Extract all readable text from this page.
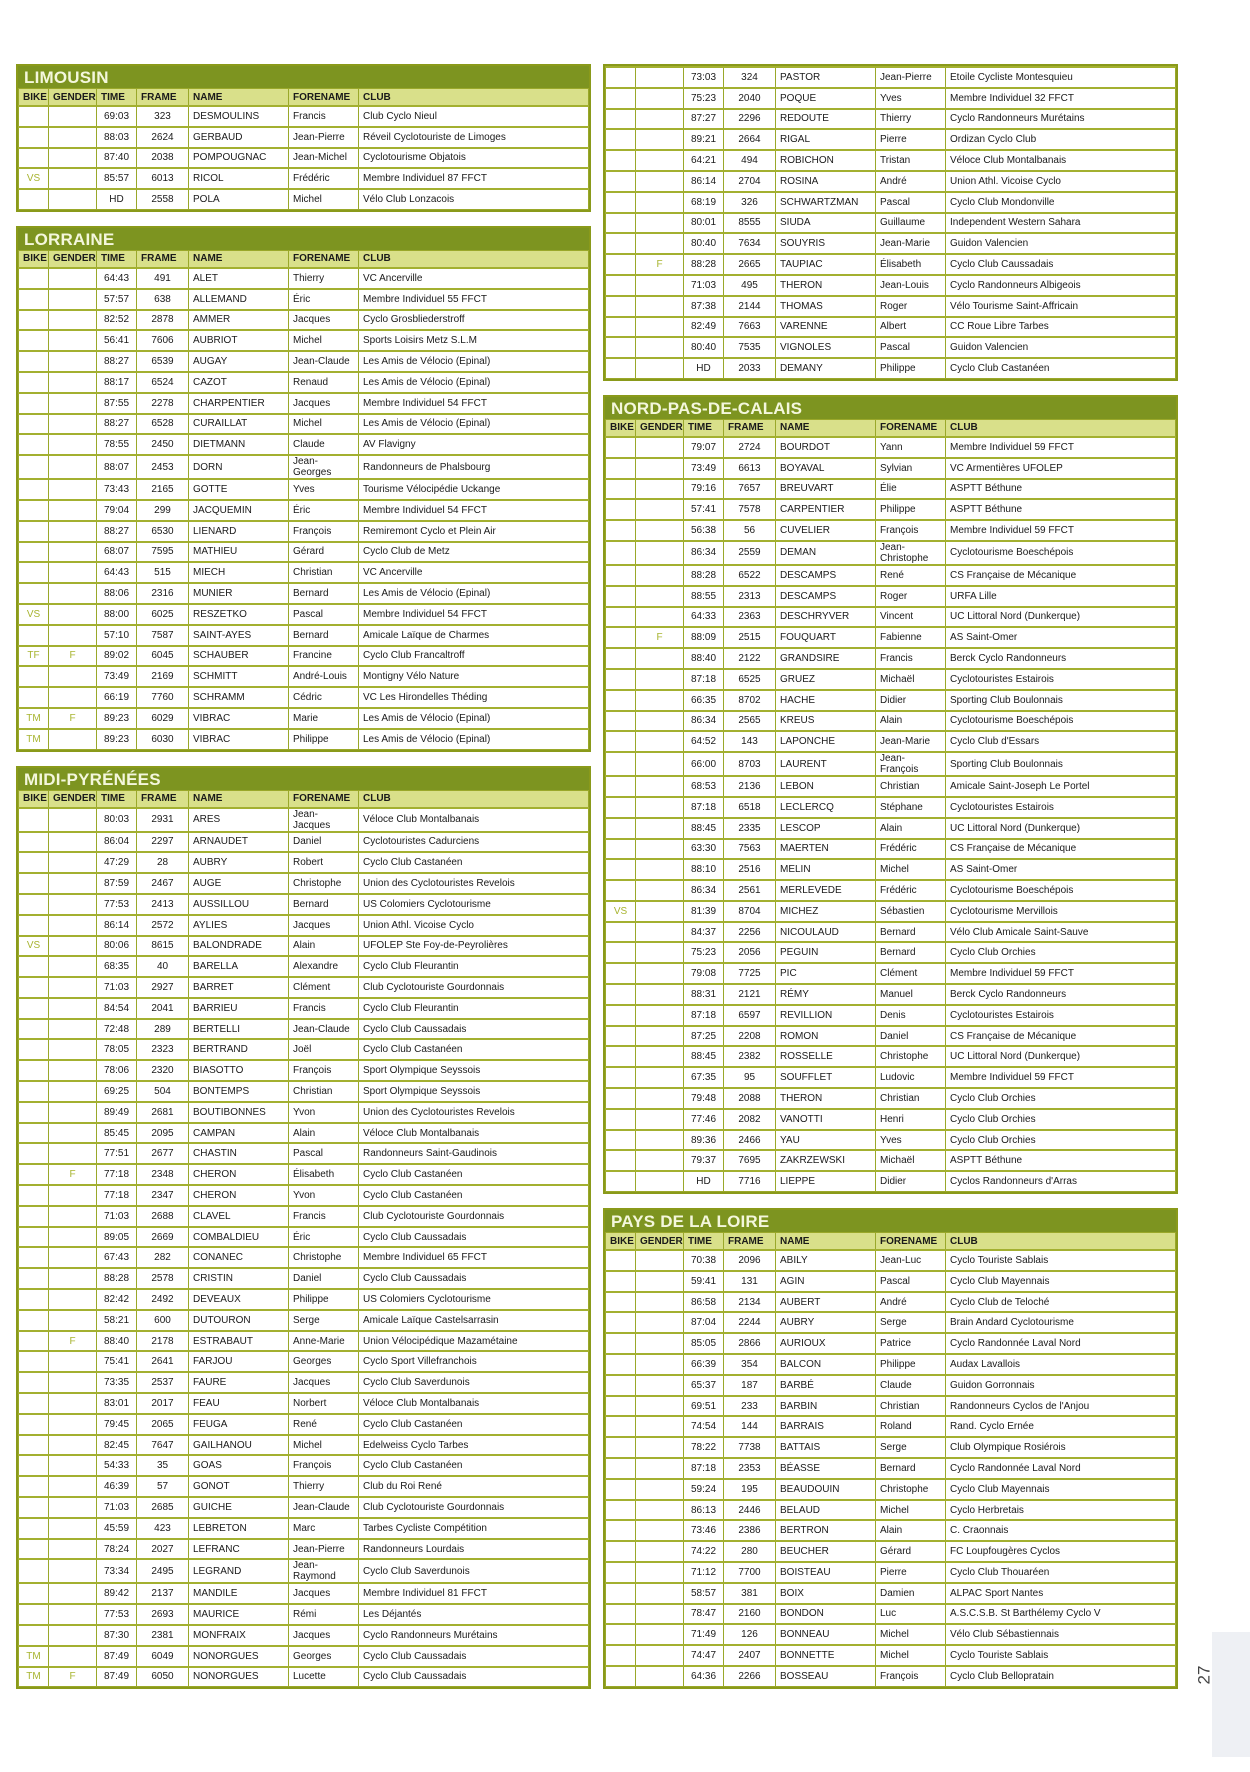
LIMOUSIN
BIKE	GENDER	TIME	FRAME	NAME	FORENAME	CLUB
		69:03	323	DESMOULINS	Francis	Club Cyclo Nieul
		88:03	2624	GERBAUD	Jean-Pierre	Réveil Cyclotouriste de Limoges
		87:40	2038	POMPOUGNAC	Jean-Michel	Cyclotourisme Objatois
VS		85:57	6013	RICOL	Frédéric	Membre Individuel 87 FFCT
		HD	2558	POLA	Michel	Vélo Club Lonzacois
LORRAINE
BIKE	GENDER	TIME	FRAME	NAME	FORENAME	CLUB
		64:43	491	ALET	Thierry	VC Ancerville
		57:57	638	ALLEMAND	Éric	Membre Individuel 55 FFCT
		82:52	2878	AMMER	Jacques	Cyclo Grosbliederstroff
		56:41	7606	AUBRIOT	Michel	Sports Loisirs Metz S.L.M
		88:27	6539	AUGAY	Jean-Claude	Les Amis de Vélocio (Epinal)
		88:17	6524	CAZOT	Renaud	Les Amis de Vélocio (Epinal)
		87:55	2278	CHARPENTIER	Jacques	Membre Individuel 54 FFCT
		88:27	6528	CURAILLAT	Michel	Les Amis de Vélocio (Epinal)
		78:55	2450	DIETMANN	Claude	AV Flavigny
		88:07	2453	DORN	Jean-Georges	Randonneurs de Phalsbourg
		73:43	2165	GOTTE	Yves	Tourisme Vélocipédie Uckange
		79:04	299	JACQUEMIN	Éric	Membre Individuel 54 FFCT
		88:27	6530	LIENARD	François	Remiremont Cyclo et Plein Air
		68:07	7595	MATHIEU	Gérard	Cyclo Club de Metz
		64:43	515	MIECH	Christian	VC Ancerville
		88:06	2316	MUNIER	Bernard	Les Amis de Vélocio (Epinal)
VS		88:00	6025	RESZETKO	Pascal	Membre Individuel 54 FFCT
		57:10	7587	SAINT-AYES	Bernard	Amicale Laïque de Charmes
TF	F	89:02	6045	SCHAUBER	Francine	Cyclo Club Francaltroff
		73:49	2169	SCHMITT	André-Louis	Montigny Vélo Nature
		66:19	7760	SCHRAMM	Cédric	VC Les Hirondelles Théding
TM	F	89:23	6029	VIBRAC	Marie	Les Amis de Vélocio (Epinal)
TM		89:23	6030	VIBRAC	Philippe	Les Amis de Vélocio (Epinal)
MIDI-PYRÉNÉES
BIKE	GENDER	TIME	FRAME	NAME	FORENAME	CLUB
		80:03	2931	ARES	Jean-Jacques	Véloce Club Montalbanais
		86:04	2297	ARNAUDET	Daniel	Cyclotouristes Cadurciens
		47:29	28	AUBRY	Robert	Cyclo Club Castanéen
		87:59	2467	AUGE	Christophe	Union des Cyclotouristes Revelois
		77:53	2413	AUSSILLOU	Bernard	US Colomiers Cyclotourisme
		86:14	2572	AYLIES	Jacques	Union Athl. Vicoise Cyclo
VS		80:06	8615	BALONDRADE	Alain	UFOLEP Ste Foy-de-Peyrolières
		68:35	40	BARELLA	Alexandre	Cyclo Club Fleurantin
		71:03	2927	BARRET	Clément	Club Cyclotouriste Gourdonnais
		84:54	2041	BARRIEU	Francis	Cyclo Club Fleurantin
		72:48	289	BERTELLI	Jean-Claude	Cyclo Club Caussadais
		78:05	2323	BERTRAND	Joël	Cyclo Club Castanéen
		78:06	2320	BIASOTTO	François	Sport Olympique Seyssois
		69:25	504	BONTEMPS	Christian	Sport Olympique Seyssois
		89:49	2681	BOUTIBONNES	Yvon	Union des Cyclotouristes Revelois
		85:45	2095	CAMPAN	Alain	Véloce Club Montalbanais
		77:51	2677	CHASTIN	Pascal	Randonneurs Saint-Gaudinois
	F	77:18	2348	CHERON	Élisabeth	Cyclo Club Castanéen
		77:18	2347	CHERON	Yvon	Cyclo Club Castanéen
		71:03	2688	CLAVEL	Francis	Club Cyclotouriste Gourdonnais
		89:05	2669	COMBALDIEU	Éric	Cyclo Club Caussadais
		67:43	282	CONANEC	Christophe	Membre Individuel 65 FFCT
		88:28	2578	CRISTIN	Daniel	Cyclo Club Caussadais
		82:42	2492	DEVEAUX	Philippe	US Colomiers Cyclotourisme
		58:21	600	DUTOURON	Serge	Amicale Laïque Castelsarrasin
	F	88:40	2178	ESTRABAUT	Anne-Marie	Union Vélocipédique Mazamétaine
		75:41	2641	FARJOU	Georges	Cyclo Sport Villefranchois
		73:35	2537	FAURE	Jacques	Cyclo Club Saverdunois
		83:01	2017	FEAU	Norbert	Véloce Club Montalbanais
		79:45	2065	FEUGA	René	Cyclo Club Castanéen
		82:45	7647	GAILHANOU	Michel	Edelweiss Cyclo Tarbes
		54:33	35	GOAS	François	Cyclo Club Castanéen
		46:39	57	GONOT	Thierry	Club du Roi René
		71:03	2685	GUICHE	Jean-Claude	Club Cyclotouriste Gourdonnais
		45:59	423	LEBRETON	Marc	Tarbes Cycliste Compétition
		78:24	2027	LEFRANC	Jean-Pierre	Randonneurs Lourdais
		73:34	2495	LEGRAND	Jean-Raymond	Cyclo Club Saverdunois
		89:42	2137	MANDILE	Jacques	Membre Individuel 81 FFCT
		77:53	2693	MAURICE	Rémi	Les Déjantés
		87:30	2381	MONFRAIX	Jacques	Cyclo Randonneurs Murétains
TM		87:49	6049	NONORGUES	Georges	Cyclo Club Caussadais
TM	F	87:49	6050	NONORGUES	Lucette	Cyclo Club Caussadais
		73:03	324	PASTOR	Jean-Pierre	Etoile Cycliste Montesquieu
		75:23	2040	POQUE	Yves	Membre Individuel 32 FFCT
		87:27	2296	REDOUTE	Thierry	Cyclo Randonneurs Murétains
		89:21	2664	RIGAL	Pierre	Ordizan Cyclo Club
		64:21	494	ROBICHON	Tristan	Véloce Club Montalbanais
		86:14	2704	ROSINA	André	Union Athl. Vicoise Cyclo
		68:19	326	SCHWARTZMAN	Pascal	Cyclo Club Mondonville
		80:01	8555	SIUDA	Guillaume	Independent Western Sahara
		80:40	7634	SOUYRIS	Jean-Marie	Guidon Valencien
	F	88:28	2665	TAUPIAC	Élisabeth	Cyclo Club Caussadais
		71:03	495	THERON	Jean-Louis	Cyclo Randonneurs Albigeois
		87:38	2144	THOMAS	Roger	Vélo Tourisme Saint-Affricain
		82:49	7663	VARENNE	Albert	CC Roue Libre Tarbes
		80:40	7535	VIGNOLES	Pascal	Guidon Valencien
		HD	2033	DEMANY	Philippe	Cyclo Club Castanéen
NORD-PAS-DE-CALAIS
BIKE	GENDER	TIME	FRAME	NAME	FORENAME	CLUB
		79:07	2724	BOURDOT	Yann	Membre Individuel 59 FFCT
		73:49	6613	BOYAVAL	Sylvian	VC Armentières UFOLEP
		79:16	7657	BREUVART	Élie	ASPTT Béthune
		57:41	7578	CARPENTIER	Philippe	ASPTT Béthune
		56:38	56	CUVELIER	François	Membre Individuel 59 FFCT
		86:34	2559	DEMAN	Jean-Christophe	Cyclotourisme Boeschépois
		88:28	6522	DESCAMPS	René	CS Française de Mécanique
		88:55	2313	DESCAMPS	Roger	URFA Lille
		64:33	2363	DESCHRYVER	Vincent	UC Littoral Nord (Dunkerque)
	F	88:09	2515	FOUQUART	Fabienne	AS Saint-Omer
		88:40	2122	GRANDSIRE	Francis	Berck Cyclo Randonneurs
		87:18	6525	GRUEZ	Michaël	Cyclotouristes Estairois
		66:35	8702	HACHE	Didier	Sporting Club Boulonnais
		86:34	2565	KREUS	Alain	Cyclotourisme Boeschépois
		64:52	143	LAPONCHE	Jean-Marie	Cyclo Club d'Essars
		66:00	8703	LAURENT	Jean-François	Sporting Club Boulonnais
		68:53	2136	LEBON	Christian	Amicale Saint-Joseph Le Portel
		87:18	6518	LECLERCQ	Stéphane	Cyclotouristes Estairois
		88:45	2335	LESCOP	Alain	UC Littoral Nord (Dunkerque)
		63:30	7563	MAERTEN	Frédéric	CS Française de Mécanique
		88:10	2516	MELIN	Michel	AS Saint-Omer
		86:34	2561	MERLEVEDE	Frédéric	Cyclotourisme Boeschépois
VS		81:39	8704	MICHEZ	Sébastien	Cyclotourisme Mervillois
		84:37	2256	NICOULAUD	Bernard	Vélo Club Amicale Saint-Sauve
		75:23	2056	PEGUIN	Bernard	Cyclo Club Orchies
		79:08	7725	PIC	Clément	Membre Individuel 59 FFCT
		88:31	2121	RÉMY	Manuel	Berck Cyclo Randonneurs
		87:18	6597	REVILLION	Denis	Cyclotouristes Estairois
		87:25	2208	ROMON	Daniel	CS Française de Mécanique
		88:45	2382	ROSSELLE	Christophe	UC Littoral Nord (Dunkerque)
		67:35	95	SOUFFLET	Ludovic	Membre Individuel 59 FFCT
		79:48	2088	THERON	Christian	Cyclo Club Orchies
		77:46	2082	VANOTTI	Henri	Cyclo Club Orchies
		89:36	2466	YAU	Yves	Cyclo Club Orchies
		79:37	7695	ZAKRZEWSKI	Michaël	ASPTT Béthune
		HD	7716	LIEPPE	Didier	Cyclos Randonneurs d'Arras
PAYS DE LA LOIRE
BIKE	GENDER	TIME	FRAME	NAME	FORENAME	CLUB
		70:38	2096	ABILY	Jean-Luc	Cyclo Touriste Sablais
		59:41	131	AGIN	Pascal	Cyclo Club Mayennais
		86:58	2134	AUBERT	André	Cyclo Club de Teloché
		87:04	2244	AUBRY	Serge	Brain Andard Cyclotourisme
		85:05	2866	AURIOUX	Patrice	Cyclo Randonnée Laval Nord
		66:39	354	BALCON	Philippe	Audax Lavallois
		65:37	187	BARBÉ	Claude	Guidon Gorronnais
		69:51	233	BARBIN	Christian	Randonneurs Cyclos de l'Anjou
		74:54	144	BARRAIS	Roland	Rand. Cyclo Ernée
		78:22	7738	BATTAIS	Serge	Club Olympique Rosiérois
		87:18	2353	BÉASSE	Bernard	Cyclo Randonnée Laval Nord
		59:24	195	BEAUDOUIN	Christophe	Cyclo Club Mayennais
		86:13	2446	BELAUD	Michel	Cyclo Herbretais
		73:46	2386	BERTRON	Alain	C. Craonnais
		74:22	280	BEUCHER	Gérard	FC Loupfougères Cyclos
		71:12	7700	BOISTEAU	Pierre	Cyclo Club Thouaréen
		58:57	381	BOIX	Damien	ALPAC Sport Nantes
		78:47	2160	BONDON	Luc	A.S.C.S.B. St Barthélemy Cyclo V
		71:49	126	BONNEAU	Michel	Vélo Club Sébastiennais
		74:47	2407	BONNETTE	Michel	Cyclo Touriste Sablais
		64:36	2266	BOSSEAU	François	Cyclo Club Bellopratain	27
